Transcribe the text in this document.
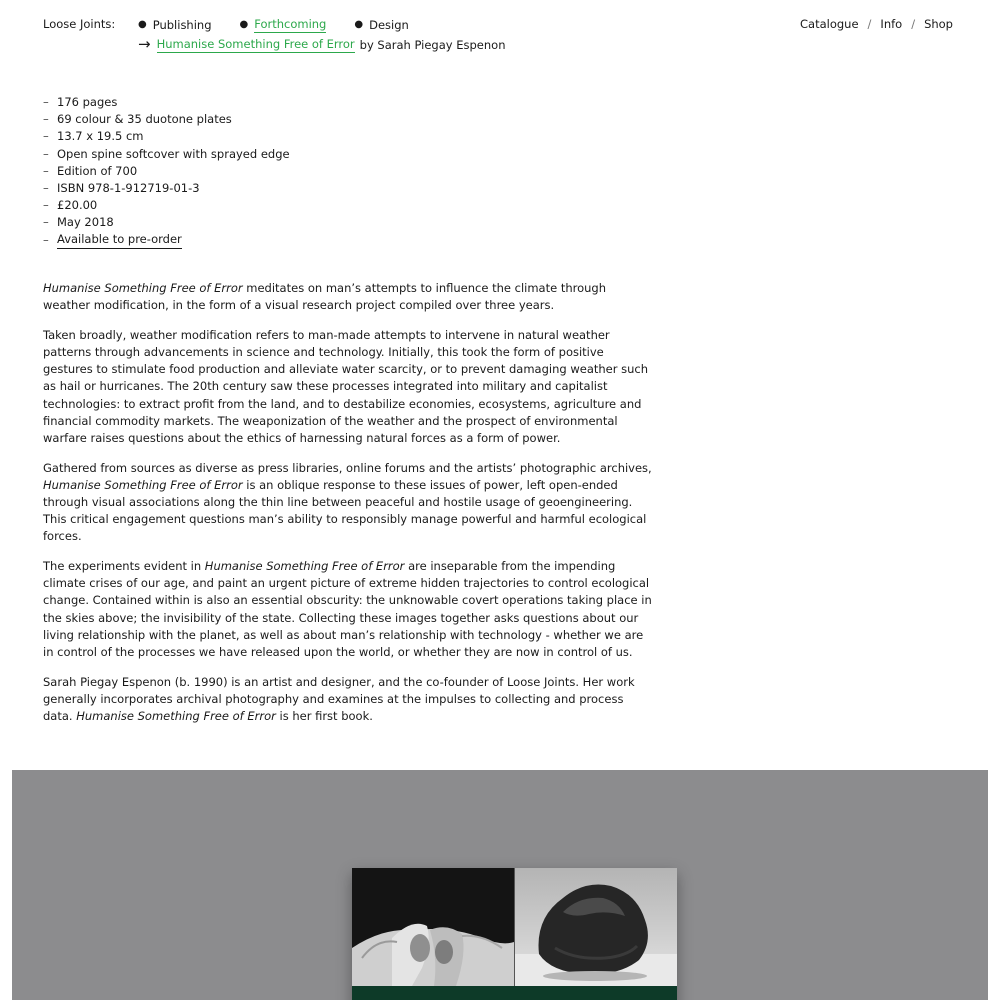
Loose Joints: ● Publishing	● Forthcoming	● Design
→ Humanise Something Free of Error by Sarah Piegay Espenon
Catalogue / Info / Shop
– 176 pages
– 69 colour & 35 duotone plates
– 13.7 x 19.5 cm
– Open spine softcover with sprayed edge
– Edition of 700
– ISBN 978-1-912719-01-3
– £20.00
– May 2018
– Available to pre-order

Humanise Something Free of Error meditates on man’s attempts to influence the climate through weather modification, in the form of a visual research project compiled over three years.

Taken broadly, weather modification refers to man-made attempts to intervene in natural weather patterns through advancements in science and technology. Initially, this took the form of positive gestures to stimulate food production and alleviate water scarcity, or to prevent damaging weather such as hail or hurricanes. The 20th century saw these processes integrated into military and capitalist technologies: to extract profit from the land, and to destabilize economies, ecosystems, agriculture and financial commodity markets. The weaponization of the weather and the prospect of environmental warfare raises questions about the ethics of harnessing natural forces as a form of power.

Gathered from sources as diverse as press libraries, online forums and the artists’ photographic archives, Humanise Something Free of Error is an oblique response to these issues of power, left open-ended through visual associations along the thin line between peaceful and hostile usage of geoengineering. This critical engagement questions man’s ability to responsibly manage powerful and harmful ecological forces.

The experiments evident in Humanise Something Free of Error are inseparable from the impending climate crises of our age, and paint an urgent picture of extreme hidden trajectories to control ecological change. Contained within is also an essential obscurity: the unknowable covert operations taking place in the skies above; the invisibility of the state. Collecting these images together asks questions about our living relationship with the planet, as well as about man’s relationship with technology - whether we are in control of the processes we have released upon the world, or whether they are now in control of us.

Sarah Piegay Espenon (b. 1990) is an artist and designer, and the co-founder of Loose Joints. Her work generally incorporates archival photography and examines at the impulses to collecting and process data. Humanise Something Free of Error is her first book.
